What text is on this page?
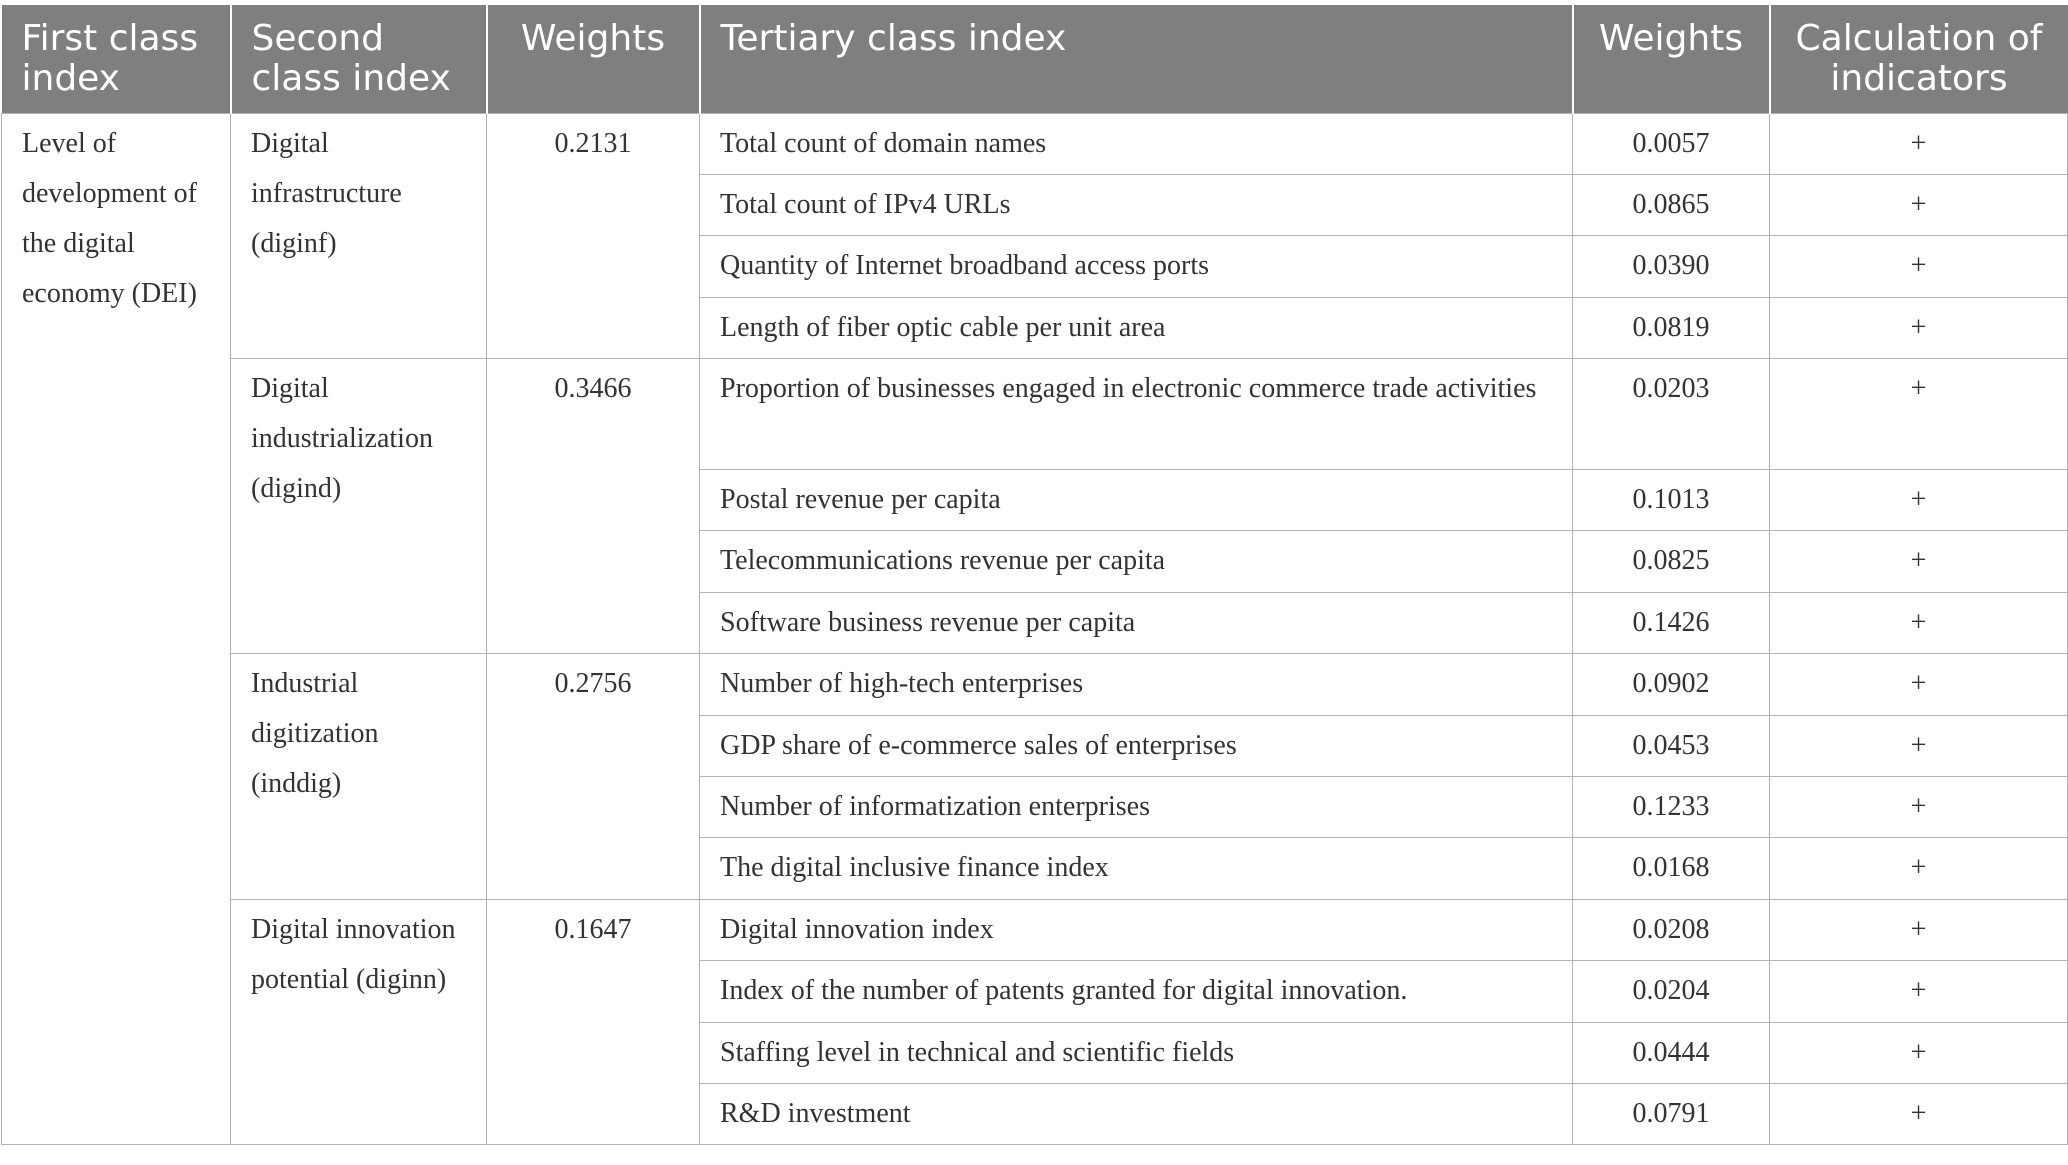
First class index	Second class index	Weights	Tertiary class index	Weights	Calculation of indicators
Level of development of the digital economy (DEI)	Digital infrastructure (diginf)	0.2131	Total count of domain names	0.0057	+
			Total count of IPv4 URLs	0.0865	+
			Quantity of Internet broadband access ports	0.0390	+
			Length of fiber optic cable per unit area	0.0819	+
	Digital industrialization (digind)	0.3466	Proportion of businesses engaged in electronic commerce trade activities	0.0203	+
			Postal revenue per capita	0.1013	+
			Telecommunications revenue per capita	0.0825	+
			Software business revenue per capita	0.1426	+
	Industrial digitization (inddig)	0.2756	Number of high-tech enterprises	0.0902	+
			GDP share of e-commerce sales of enterprises	0.0453	+
			Number of informatization enterprises	0.1233	+
			The digital inclusive finance index	0.0168	+
	Digital innovation potential (diginn)	0.1647	Digital innovation index	0.0208	+
			Index of the number of patents granted for digital innovation.	0.0204	+
			Staffing level in technical and scientific fields	0.0444	+
			R&D investment	0.0791	+
